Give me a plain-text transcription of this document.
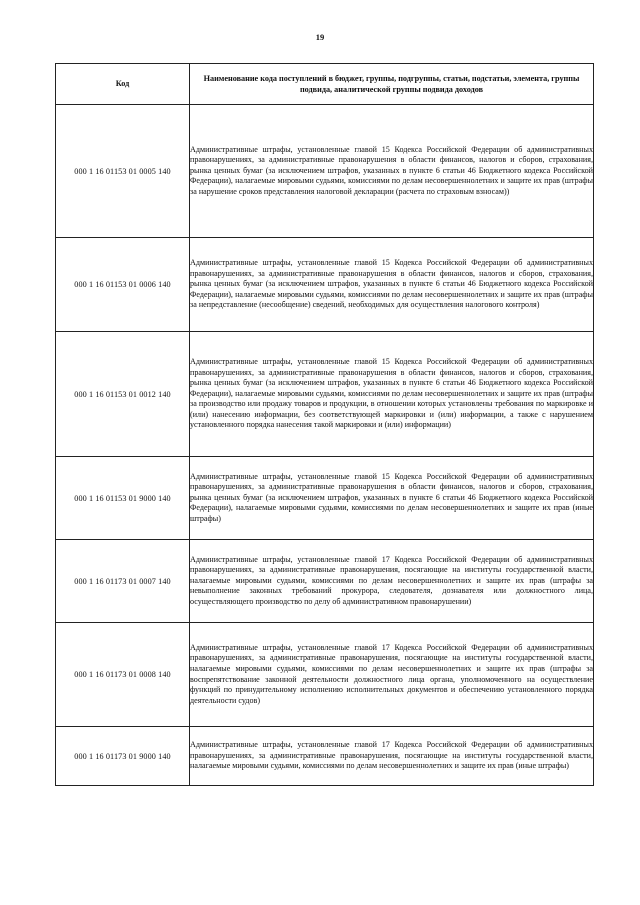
19
Код	Наименование кода поступлений в бюджет, группы, подгруппы, статьи, подстатьи, элемента, группы подвида, аналитической группы подвида доходов
000 1 16 01153 01 0005 140	Административные штрафы, установленные главой 15 Кодекса Российской Федерации об административных правонарушениях, за административные правонарушения в области финансов, налогов и сборов, страхования, рынка ценных бумаг (за исключением штрафов, указанных в пункте 6 статьи 46 Бюджетного кодекса Российской Федерации), налагаемые мировыми судьями, комиссиями по делам несовершеннолетних и защите их прав (штрафы за нарушение сроков представления налоговой декларации (расчета по страховым взносам))
000 1 16 01153 01 0006 140	Административные штрафы, установленные главой 15 Кодекса Российской Федерации об административных правонарушениях, за административные правонарушения в области финансов, налогов и сборов, страхования, рынка ценных бумаг (за исключением штрафов, указанных в пункте 6 статьи 46 Бюджетного кодекса Российской Федерации), налагаемые мировыми судьями, комиссиями по делам несовершеннолетних и защите их прав (штрафы за непредставление (несообщение) сведений, необходимых для осуществления налогового контроля)
000 1 16 01153 01 0012 140	Административные штрафы, установленные главой 15 Кодекса Российской Федерации об административных правонарушениях, за административные правонарушения в области финансов, налогов и сборов, страхования, рынка ценных бумаг (за исключением штрафов, указанных в пункте 6 статьи 46 Бюджетного кодекса Российской Федерации), налагаемые мировыми судьями, комиссиями по делам несовершеннолетних и защите их прав (штрафы за производство или продажу товаров и продукции, в отношении которых установлены требования по маркировке и (или) нанесению информации, без соответствующей маркировки и (или) информации, а также с нарушением установленного порядка нанесения такой маркировки и (или) информации)
000 1 16 01153 01 9000 140	Административные штрафы, установленные главой 15 Кодекса Российской Федерации об административных правонарушениях, за административные правонарушения в области финансов, налогов и сборов, страхования, рынка ценных бумаг (за исключением штрафов, указанных в пункте 6 статьи 46 Бюджетного кодекса Российской Федерации), налагаемые мировыми судьями, комиссиями по делам несовершеннолетних и защите их прав (иные штрафы)
000 1 16 01173 01 0007 140	Административные штрафы, установленные главой 17 Кодекса Российской Федерации об административных правонарушениях, за административные правонарушения, посягающие на институты государственной власти, налагаемые мировыми судьями, комиссиями по делам несовершеннолетних и защите их прав (штрафы за невыполнение законных требований прокурора, следователя, дознавателя или должностного лица, осуществляющего производство по делу об административном правонарушении)
000 1 16 01173 01 0008 140	Административные штрафы, установленные главой 17 Кодекса Российской Федерации об административных правонарушениях, за административные правонарушения, посягающие на институты государственной власти, налагаемые мировыми судьями, комиссиями по делам несовершеннолетних и защите их прав (штрафы за воспрепятствование законной деятельности должностного лица органа, уполномоченного на осуществление функций по принудительному исполнению исполнительных документов и обеспечению установленного порядка деятельности судов)
000 1 16 01173 01 9000 140	Административные штрафы, установленные главой 17 Кодекса Российской Федерации об административных правонарушениях, за административные правонарушения, посягающие на институты государственной власти, налагаемые мировыми судьями, комиссиями по делам несовершеннолетних и защите их прав (иные штрафы)
